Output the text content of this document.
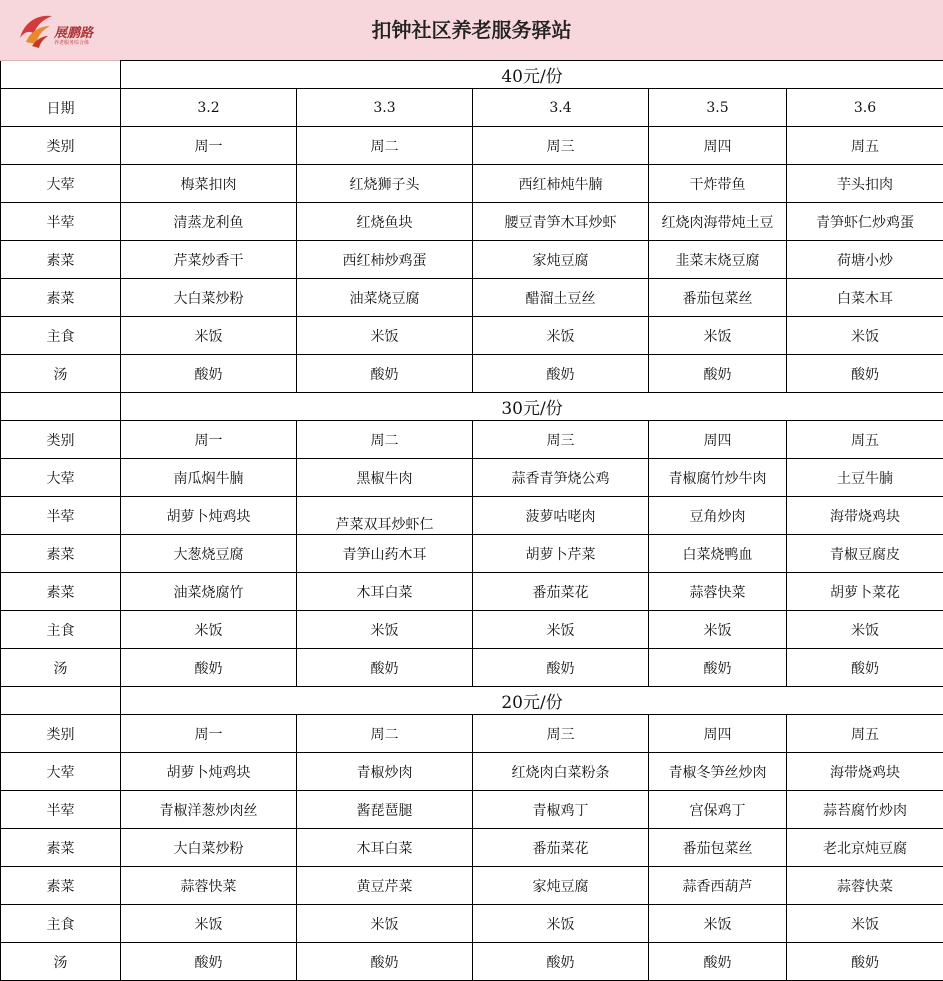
展鹏路
养老服务综合体
扣钟社区养老服务驿站
	40元/份				
日期	3.2	3.3	3.4	3.5	3.6
类别	周一	周二	周三	周四	周五
大荤	梅菜扣肉	红烧狮子头	西红柿炖牛腩	干炸带鱼	芋头扣肉
半荤	清蒸龙利鱼	红烧鱼块	腰豆青笋木耳炒虾	红烧肉海带炖土豆	青笋虾仁炒鸡蛋
素菜	芹菜炒香干	西红柿炒鸡蛋	家炖豆腐	韭菜末烧豆腐	荷塘小炒
素菜	大白菜炒粉	油菜烧豆腐	醋溜土豆丝	番茄包菜丝	白菜木耳
主食	米饭	米饭	米饭	米饭	米饭
汤	酸奶	酸奶	酸奶	酸奶	酸奶
	30元/份				
类别	周一	周二	周三	周四	周五
大荤	南瓜焖牛腩	黑椒牛肉	蒜香青笋烧公鸡	青椒腐竹炒牛肉	土豆牛腩
半荤	胡萝卜炖鸡块	芦菜双耳炒虾仁	菠萝咕咾肉	豆角炒肉	海带烧鸡块
素菜	大葱烧豆腐	青笋山药木耳	胡萝卜芹菜	白菜烧鸭血	青椒豆腐皮
素菜	油菜烧腐竹	木耳白菜	番茄菜花	蒜蓉快菜	胡萝卜菜花
主食	米饭	米饭	米饭	米饭	米饭
汤	酸奶	酸奶	酸奶	酸奶	酸奶
	20元/份				
类别	周一	周二	周三	周四	周五
大荤	胡萝卜炖鸡块	青椒炒肉	红烧肉白菜粉条	青椒冬笋丝炒肉	海带烧鸡块
半荤	青椒洋葱炒肉丝	酱琵琶腿	青椒鸡丁	宫保鸡丁	蒜苔腐竹炒肉
素菜	大白菜炒粉	木耳白菜	番茄菜花	番茄包菜丝	老北京炖豆腐
素菜	蒜蓉快菜	黄豆芹菜	家炖豆腐	蒜香西葫芦	蒜蓉快菜
主食	米饭	米饭	米饭	米饭	米饭
汤	酸奶	酸奶	酸奶	酸奶	酸奶
